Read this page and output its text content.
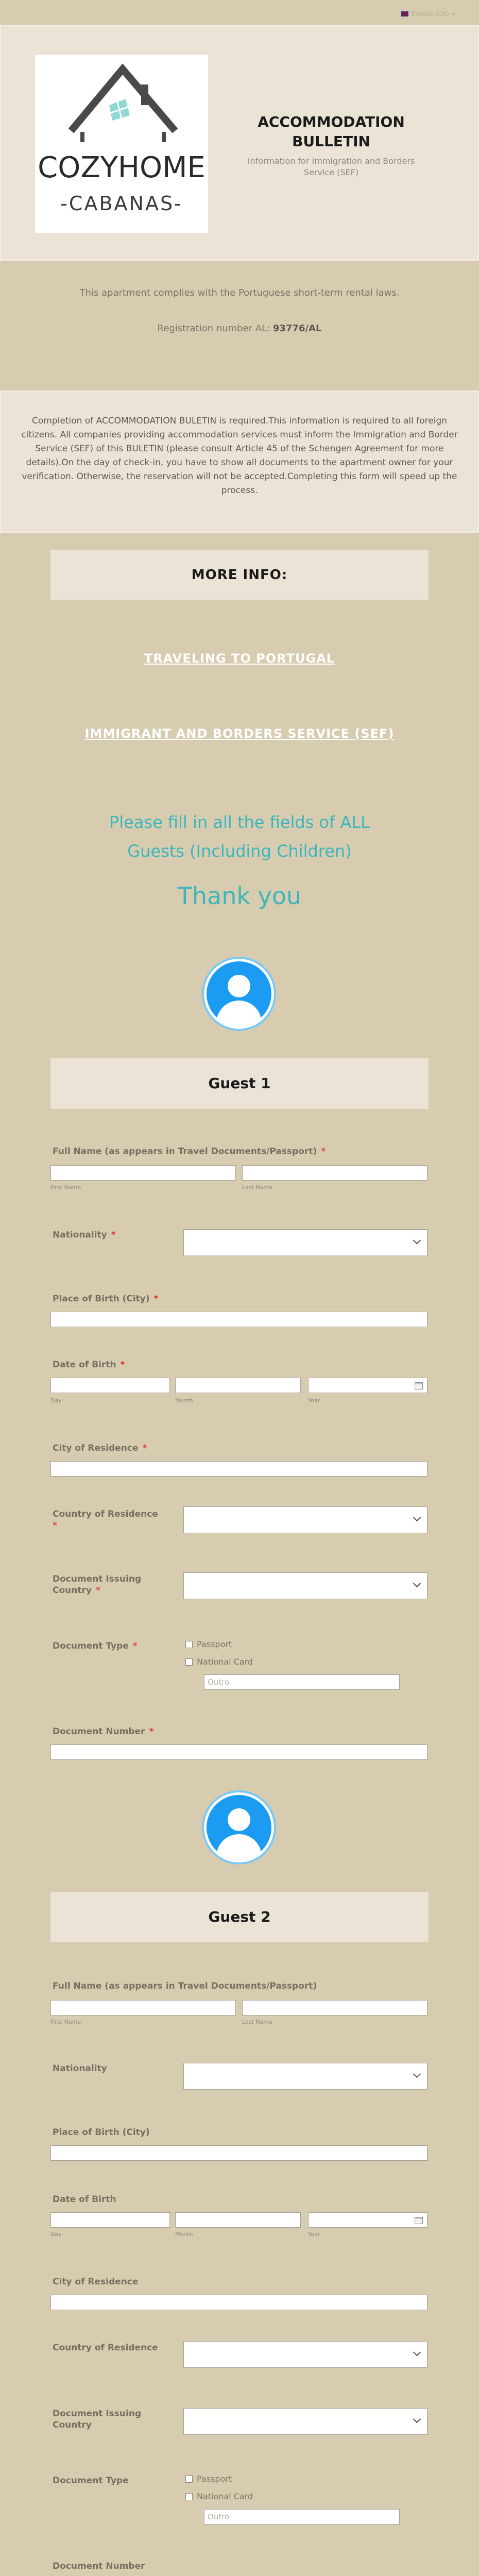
English (UK) ▾
COZYHOME
-CABANAS-
ACCOMMODATION
BULLETIN
Information for Immigration and Borders Service (SEF)
This apartment complies with the Portuguese short-term rental laws.
Registration number AL: 93776/AL

Completion of ACCOMMODATION BULETIN is required.This information is required to all foreign citizens. All companies providing accommodation services must inform the Immigration and Border Service (SEF) of this BULETIN (please consult Article 45 of the Schengen Agreement for more details).On the day of check-in, you have to show all documents to the apartment owner for your verification. Otherwise, the reservation will not be accepted.Completing this form will speed up the process.

MORE INFO:
TRAVELING TO PORTUGAL
IMMIGRANT AND BORDERS SERVICE (SEF)
Please fill in all the fields of ALL
Guests (Including Children)
Thank you
Guest 1
Full Name (as appears in Travel Documents/Passport) *
First Name	Last Name
Nationality *
Place of Birth (City) *
Date of Birth *
Day	Month	Year
City of Residence *
Country of Residence
*
Document Issuing Country *
Document Type *	Passport
National Card
Outro
Document Number *
Guest 2
Full Name (as appears in Travel Documents/Passport)
First Name	Last Name
Nationality
Place of Birth (City)
Date of Birth
Day	Month	Year
City of Residence
Country of Residence
Document Issuing Country
Document Type	Passport
National Card
Outro
Document Number
